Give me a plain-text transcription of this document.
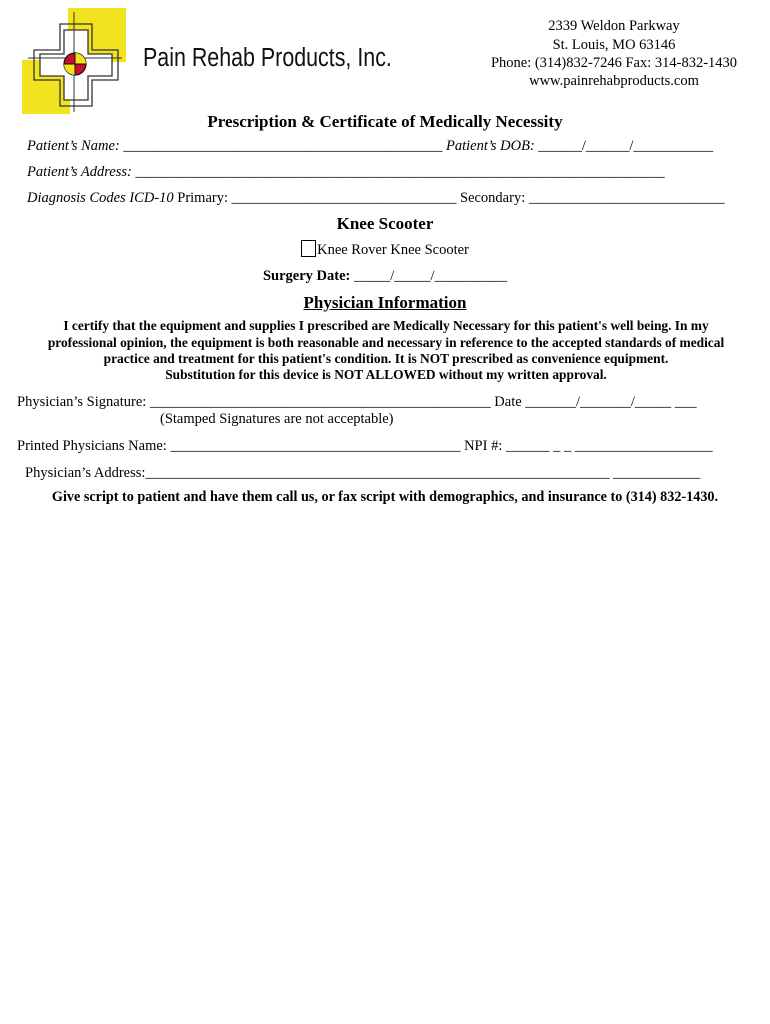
Pain Rehab Products, Inc.
2339 Weldon Parkway
St. Louis, MO 63146
Phone: (314)832-7246 Fax: 314-832-1430
www.painrehabproducts.com
Prescription & Certificate of Medically Necessity
Patient’s Name: ____________________________________________ Patient’s DOB: ______/______/___________
Patient’s Address: _________________________________________________________________________
Diagnosis Codes ICD-10 Primary: _______________________________ Secondary: ___________________________
Knee Scooter
Knee Rover Knee Scooter
Surgery Date: _____/_____/__________
Physician Information
I certify that the equipment and supplies I prescribed are Medically Necessary for this patient's well being. In my professional opinion, the equipment is both reasonable and necessary in reference to the accepted standards of medical practice and treatment for this patient's condition. It is NOT prescribed as convenience equipment.
Substitution for this device is NOT ALLOWED without my written approval.
Physician’s Signature: _______________________________________________ Date _______/_______/_____ ___
(Stamped Signatures are not acceptable)
Printed Physicians Name: ________________________________________ NPI #: ______ _ _ ___________________
Physician’s Address:________________________________________________________________ ____________
Give script to patient and have them call us, or fax script with demographics, and insurance to (314) 832-1430.
